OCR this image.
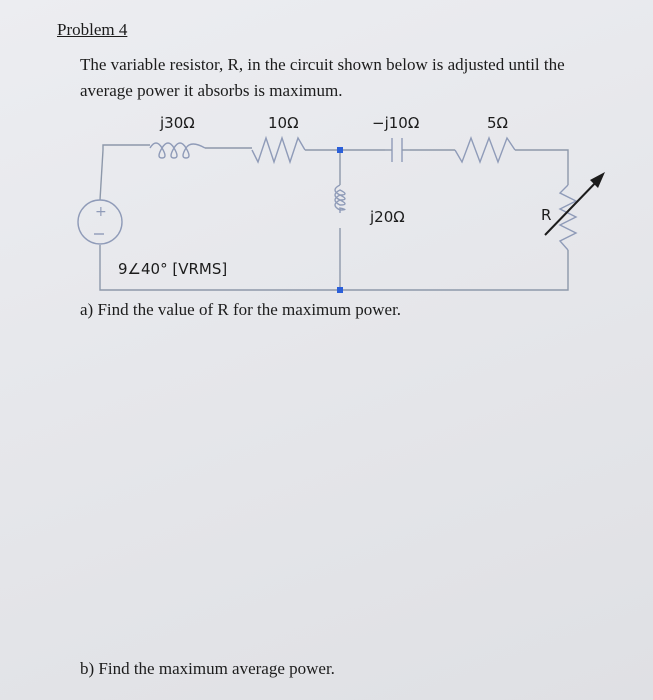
Problem 4
The variable resistor, R, in the circuit shown below is adjusted until the average power it absorbs is maximum.
+
j30Ω	10Ω	−j10Ω	5Ω
j20Ω	R
9∠40° [VRMS]
a) Find the value of R for the maximum power.
b) Find the maximum average power.
